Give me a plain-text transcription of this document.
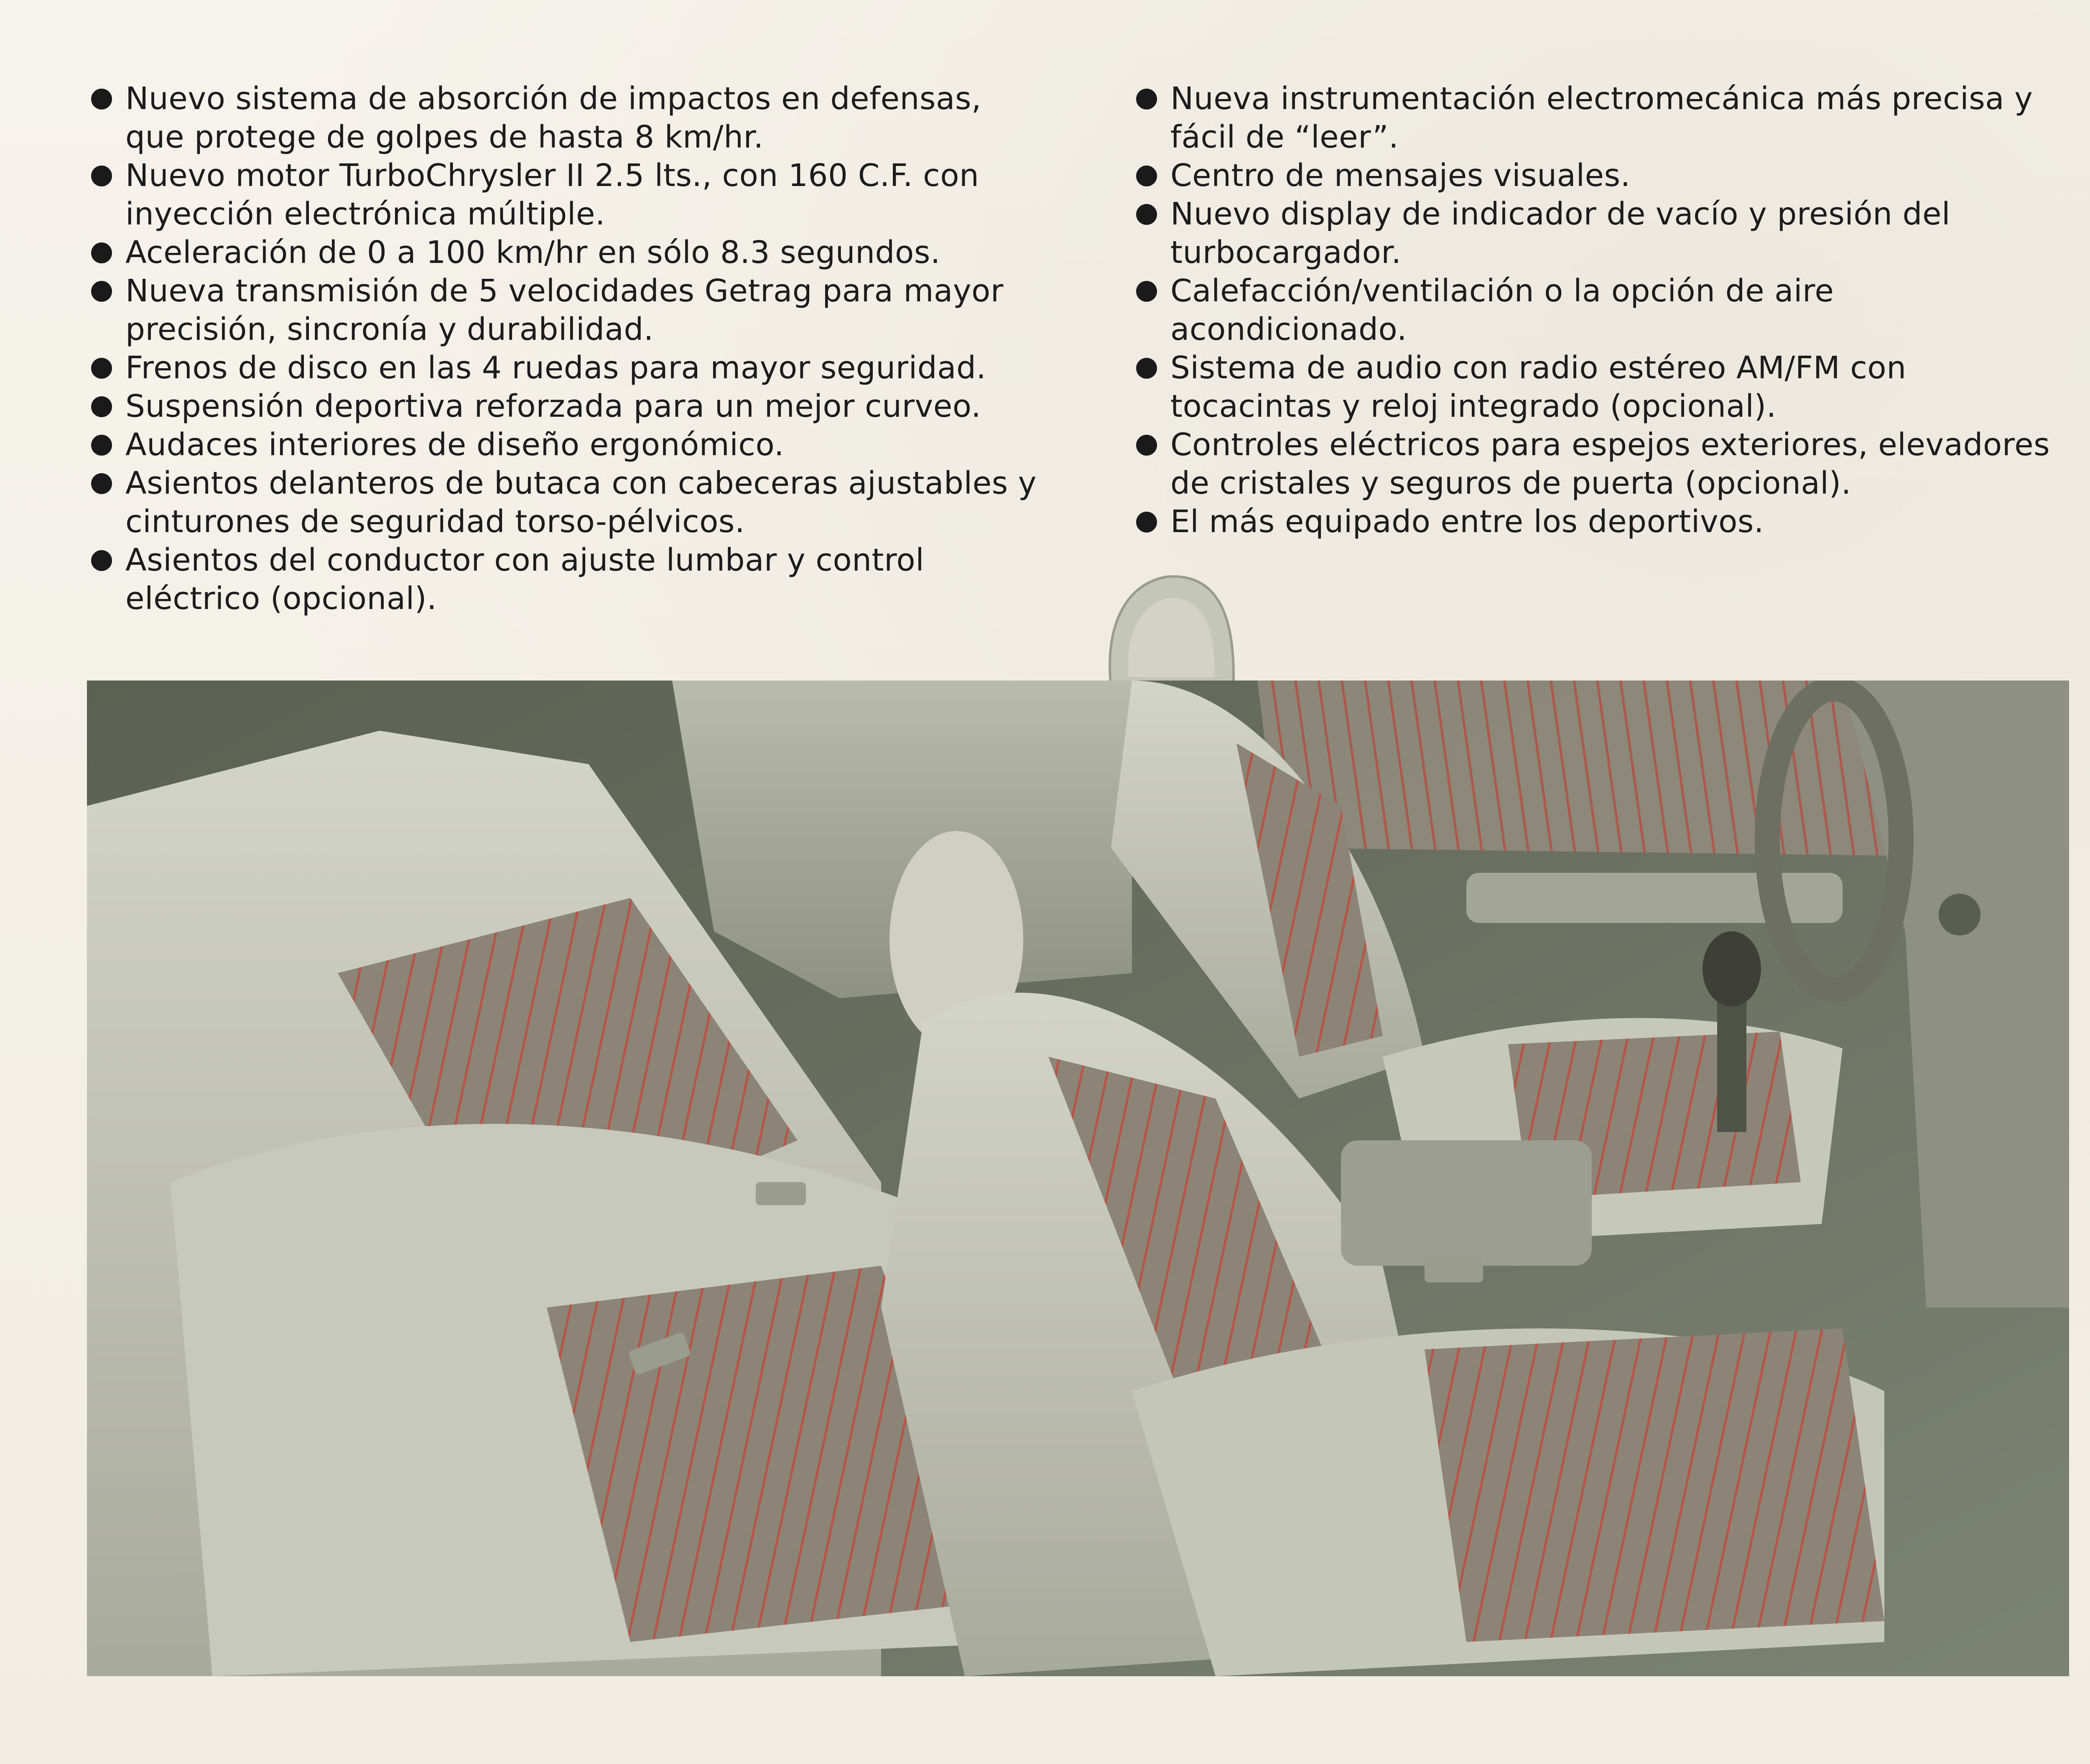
Nuevo sistema de absorción de impactos en defensas, que protege de golpes de hasta 8 km/hr.
Nuevo motor TurboChrysler II 2.5 lts., con 160 C.F. con inyección electrónica múltiple.
Aceleración de 0 a 100 km/hr en sólo 8.3 segundos.
Nueva transmisión de 5 velocidades Getrag para mayor precisión, sincronía y durabilidad.
Frenos de disco en las 4 ruedas para mayor seguridad.
Suspensión deportiva reforzada para un mejor curveo.
Audaces interiores de diseño ergonómico.
Asientos delanteros de butaca con cabeceras ajustables y cinturones de seguridad torso-pélvicos.
Asientos del conductor con ajuste lumbar y control eléctrico (opcional).
Nueva instrumentación electromecánica más precisa y fácil de “leer”.
Centro de mensajes visuales.
Nuevo display de indicador de vacío y presión del turbocargador.
Calefacción/ventilación o la opción de aire acondicionado.
Sistema de audio con radio estéreo AM/FM con tocacintas y reloj integrado (opcional).
Controles eléctricos para espejos exteriores, elevadores de cristales y seguros de puerta (opcional).
El más equipado entre los deportivos.
